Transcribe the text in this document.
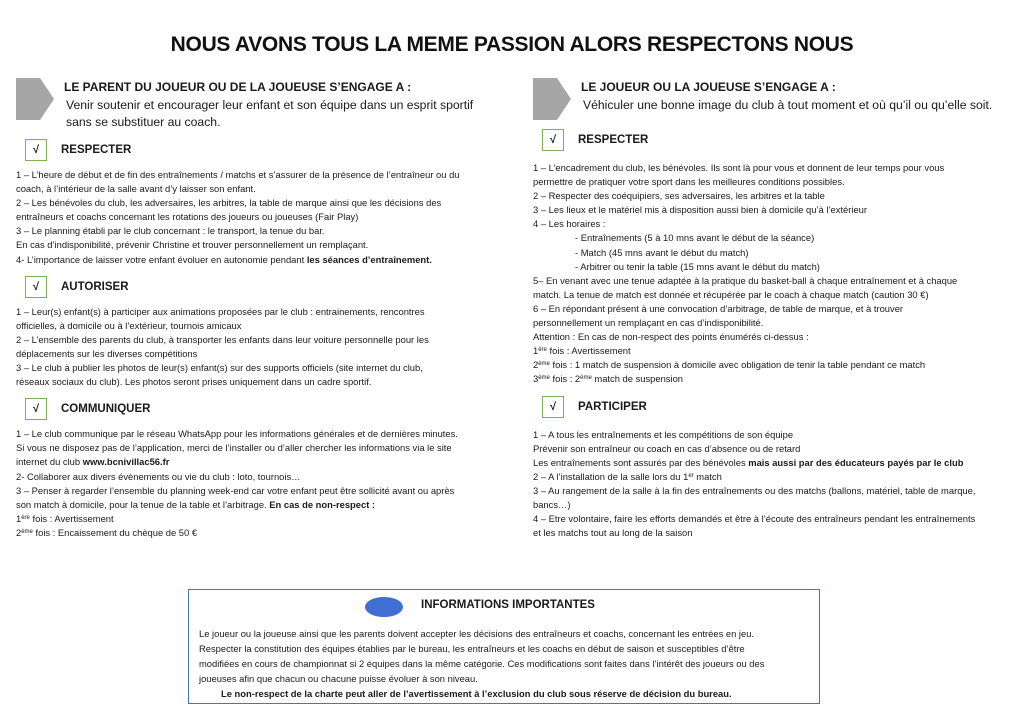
NOUS AVONS TOUS LA MEME PASSION ALORS RESPECTONS NOUS
LE PARENT DU JOUEUR OU DE LA JOUEUSE S’ENGAGE A :
Venir soutenir et encourager leur enfant et son équipe dans un esprit sportif
sans se substituer au coach.
√	RESPECTER
1 – L’heure de début et de fin des entraînements / matchs et s’assurer de la présence de l’entraîneur ou du
coach, à l’intérieur de la salle avant d’y laisser son enfant.
2 – Les bénévoles du club, les adversaires, les arbitres, la table de marque ainsi que les décisions des
entraîneurs et coachs concernant les rotations des joueurs ou joueuses (Fair Play)
3 – Le planning établi par le club concernant : le transport, la tenue du bar.
En cas d’indisponibilité, prévenir Christine et trouver personnellement un remplaçant.
4- L’importance de laisser votre enfant évoluer en autonomie pendant les séances d’entraînement.
√	AUTORISER
1 – Leur(s) enfant(s) à participer aux animations proposées par le club : entrainements, rencontres
officielles, à domicile ou à l’extérieur, tournois amicaux
2 – L’ensemble des parents du club, à transporter les enfants dans leur voiture personnelle pour les
déplacements sur les diverses compétitions
3 – Le club à publier les photos de leur(s) enfant(s) sur des supports officiels (site internet du club,
réseaux sociaux du club). Les photos seront prises uniquement dans un cadre sportif.
√	COMMUNIQUER
1 – Le club communique par le réseau WhatsApp pour les informations générales et de dernières minutes.
Si vous ne disposez pas de l’application, merci de l’installer ou d’aller chercher les informations via le site
internet du club www.bcnivillac56.fr
2- Collaborer aux divers évènements ou vie du club : loto, tournois…
3 – Penser à regarder l’ensemble du planning week-end car votre enfant peut être sollicité avant ou après
son match à domicile, pour la tenue de la table et l’arbitrage. En cas de non-respect :
1ère fois : Avertissement
2ème fois : Encaissement du chèque de 50 €
LE JOUEUR OU LA JOUEUSE S’ENGAGE A :
Véhiculer une bonne image du club à tout moment et où qu’il ou qu’elle soit.
√	RESPECTER
1 – L’encadrement du club, les bénévoles. Ils sont là pour vous et donnent de leur temps pour vous
permettre de pratiquer votre sport dans les meilleures conditions possibles.
2 – Respecter des coéquipiers, ses adversaires, les arbitres et la table
3 – Les lieux et le matériel mis à disposition aussi bien à domicile qu’à l’extérieur
4 – Les horaires :
- Entraînements (5 à 10 mns avant le début de la séance)
- Match (45 mns avant le début du match)
- Arbitrer ou tenir la table (15 mns avant le début du match)
5– En venant avec une tenue adaptée à la pratique du basket-ball à chaque entraînement et à chaque
match. La tenue de match est donnée et récupérée par le coach à chaque match (caution 30 €)
6 – En répondant présent à une convocation d’arbitrage, de table de marque, et à trouver
personnellement un remplaçant en cas d’indisponibilité.
Attention : En cas de non-respect des points énumérés ci-dessus :
1ère fois : Avertissement
2ème fois : 1 match de suspension à domicile avec obligation de tenir la table pendant ce match
3ème fois : 2ème match de suspension
√	PARTICIPER
1 – A tous les entraînements et les compétitions de son équipe
Prévenir son entraîneur ou coach en cas d’absence ou de retard
Les entraînements sont assurés par des bénévoles mais aussi par des éducateurs payés par le club
2 – A l’installation de la salle lors du 1er match
3 – Au rangement de la salle à la fin des entraînements ou des matchs (ballons, matériel, table de marque,
bancs…)
4 – Etre volontaire, faire les efforts demandés et être à l’écoute des entraîneurs pendant les entraînements
et les matchs tout au long de la saison
INFORMATIONS IMPORTANTES
Le joueur ou la joueuse ainsi que les parents doivent accepter les décisions des entraîneurs et coachs, concernant les entrées en jeu.
Respecter la constitution des équipes établies par le bureau, les entraîneurs et les coachs en début de saison et susceptibles d’être
modifiées en cours de championnat si 2 équipes dans la même catégorie. Ces modifications sont faites dans l’intérêt des joueurs ou des
joueuses afin que chacun ou chacune puisse évoluer à son niveau.
Le non-respect de la charte peut aller de l’avertissement à l’exclusion du club sous réserve de décision du bureau.
